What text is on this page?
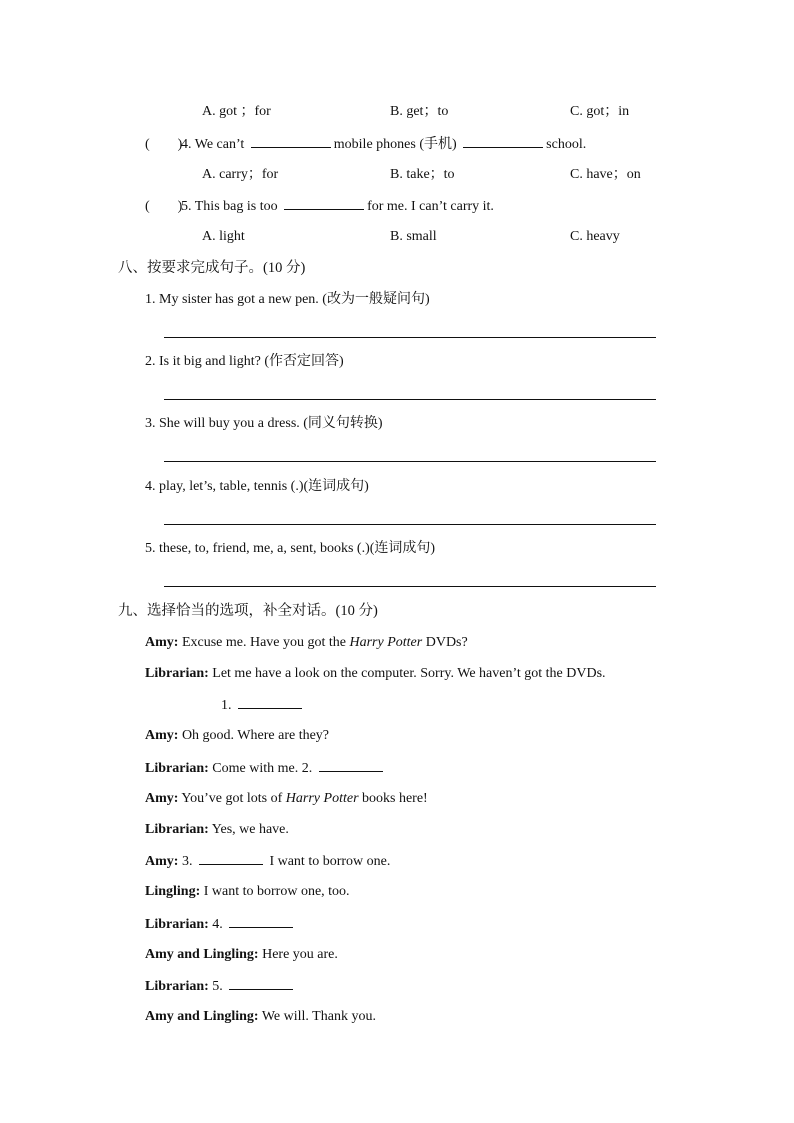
A. got ；for	B. get；to	C. got；in
(　　)4. We can’t	mobile phones (手机)	school.
A. carry；for	B. take；to	C. have；on
(　　)5. This bag is too	for me. I can’t carry it.
A. light	B. small	C. heavy
八、按要求完成句子。(10 分)
1. My sister has got a new pen. (改为一般疑问句)
2. Is it big and light? (作否定回答)
3. She will buy you a dress. (同义句转换)
4. play, let’s, table, tennis (.)(连词成句)
5. these, to, friend, me, a, sent, books (.)(连词成句)
九、选择恰当的选项，补全对话。(10 分)
Amy: Excuse me. Have you got the Harry Potter DVDs?
Librarian: Let me have a look on the computer. Sorry. We haven’t got the DVDs.
1.
Amy: Oh good. Where are they?
Librarian: Come with me. 2.
Amy: You’ve got lots of Harry Potter books here!
Librarian: Yes, we have.
Amy: 3.	I want to borrow one.
Lingling: I want to borrow one, too.
Librarian: 4.
Amy and Lingling: Here you are.
Librarian: 5.
Amy and Lingling: We will. Thank you.
